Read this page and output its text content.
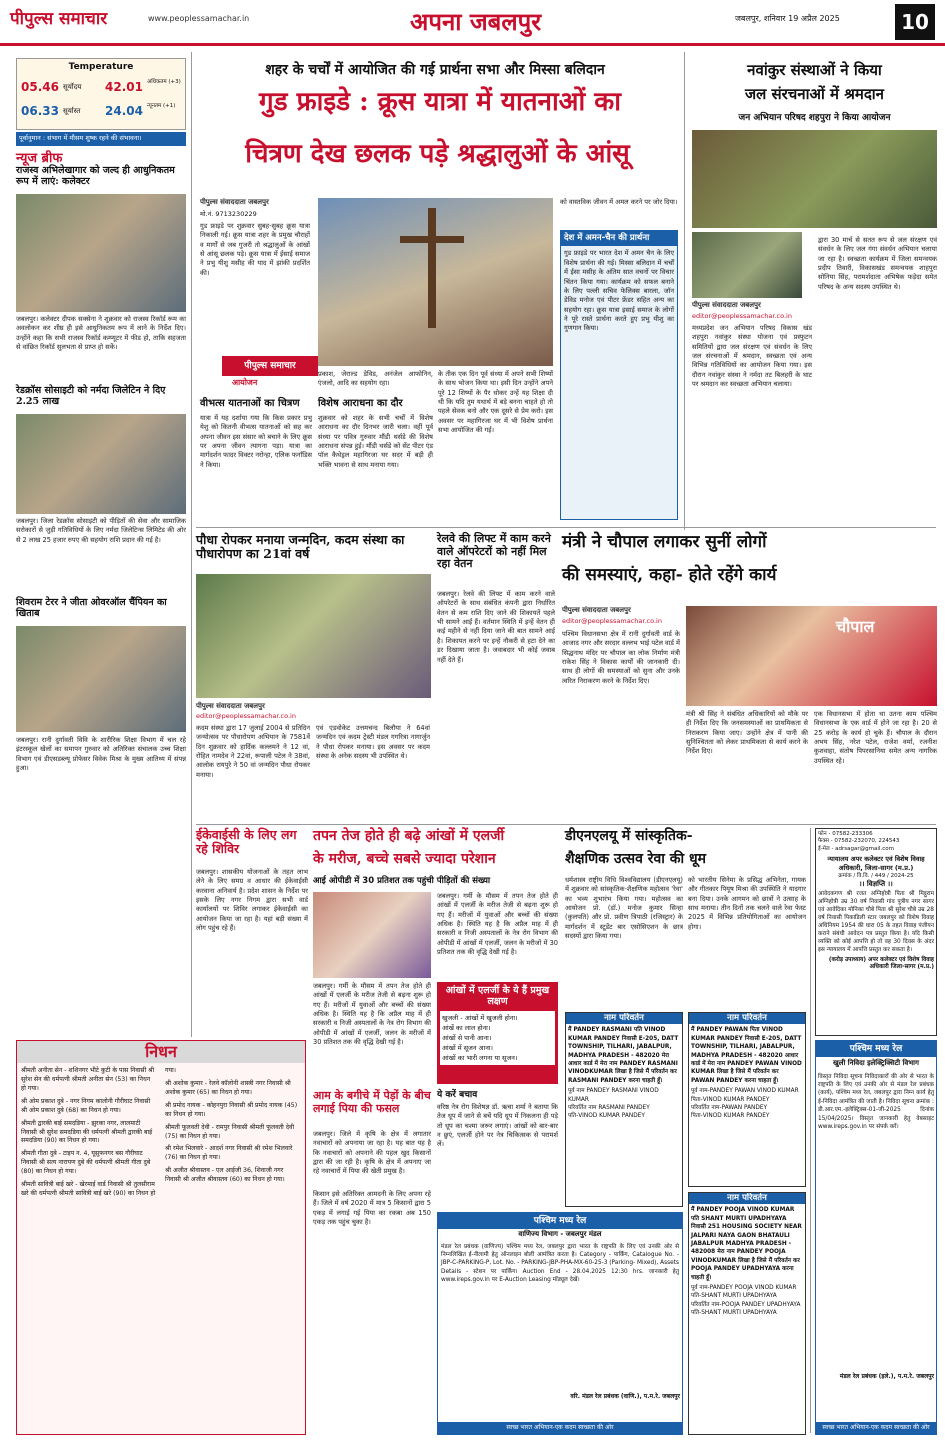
पीपुल्स समाचार	www.peoplessamachar.in	अपना जबलपुर	जबलपुर, शनिवार 19 अप्रैल 2025	10
Temperature
05.46 सूर्योदय 42.01 अधिकतम (+3)
06.33 सूर्यास्त 24.04 न्यूनतम (+1)
पूर्वानुमान : संभाग में मौसम शुष्क रहने की संभावना।
न्यूज ब्रीफ
राजस्व अभिलेखागार को जल्द ही आधुनिकतम रूप में लाएं: कलेक्टर
जबलपुर। कलेक्टर दीपक सक्सेना ने शुक्रवार को राजस्व रिकॉर्ड रूम का अवलोकन कर शीघ्र ही इसे आधुनिकतम रूप में लाने के निर्देश दिए। उन्होंने कहा कि सभी राजस्व रिकॉर्ड कम्प्यूटर में फीड हो, ताकि सहजता से वांछित रिकॉर्ड सुलभता से प्राप्त हो सकें।
रेडक्रॉस सोसाइटी को नर्मदा जिलेटिन ने दिए 2.25 लाख
जबलपुर। जिला रेडक्रॉस सोसाइटी को पीड़ितों की सेवा और सामाजिक सरोकारों से जुड़ी गतिविधियों के लिए नर्मदा जिलेटिन्स लिमिटेड की ओर से 2 लाख 25 हजार रुपए की सहयोग राशि प्रदान की गई है।
शिवराम टेरर ने जीता ओवरऑल चैंपियन का खिताब
जबलपुर। रानी दुर्गावती विवि के शारीरिक शिक्षा विभाग में चल रहे इंटरस्कूल खेलों का समापन गुरुवार को अतिरिक्त संचालक उच्च शिक्षा विभाग एवं डीएसडब्ल्यू प्रोफेसर विवेक मिश्रा के मुख्य आतिथ्य में संपन्न हुआ।
शहर के चर्चों में आयोजित की गई प्रार्थना सभा और मिस्सा बलिदान
गुड फ्राइडे : क्रूस यात्रा में यातनाओं का
चित्रण देख छलक पड़े श्रद्धालुओं के आंसू
पीपुल्स संवाददाता जबलपुर
मो.नं. 9713230229
गुड फ्राइडे पर शुक्रवार सुबह-सुबह क्रूस यात्रा निकाली गई। क्रूस यात्रा शहर के प्रमुख चौराहों व मार्गों से जब गुजरी तो श्रद्धालुओं के आंखों से आंसू छलक पड़े। क्रूस यात्रा में ईसाई समाज ने प्रभु यीशु मसीह की याद में झांकी प्रदर्शित की।
पीपुल्स समाचार
आयोजन
प्रकाश, जेराल्ड डेविड, अनंजेल आफोनिन, एंजलो, आदि का सहयोग रहा।
वीभत्स यातनाओं का चित्रण
यात्रा में यह दर्शाया गया कि किस प्रकार प्रभु येशु को कितनी वीभत्स यातनाओं को सह कर अपना जीवन इस संसार को बचाने के लिए क्रूस पर अपना जीवन त्यागना पड़ा। यात्रा का मार्गदर्शन फादर विक्टर नरोन्हा, एलिक फर्नांडिस ने किया।
विशेष आराधना का दौर
शुक्रवार को शहर के सभी चर्चों में विशेष आराधना का दौर दिनभर जारी चला। वहीं पूर्व संध्या पर पवित्र गुरुवार मौंडी थर्सडे की विशेष आराधना संपन्न हुई। मौंडी थर्सडे को सेंट पीटर एंड पॉल कैथेड्रल महागिरजा घर सदर में बड़ी ही भक्ति भावना से साथ मनाया गया।
के तीक एक दिन पूर्व संध्या में अपने सभी शिष्यों के साथ भोजन किया था। इसी दिन उन्होंने अपने पूरे 12 शिष्यों के पैर धोकर उन्हें यह शिक्षा दी थी कि यदि तुम यथार्थ में बड़े बनना चाहते हो तो पहले सेवक बनो और एक दूसरे से प्रेम करो। इस अवसर पर महागिरजा घर में भी विशेष प्रार्थना सभा आयोजित की गई।
को वास्तविक जीवन में अमल करने पर जोर दिया।
देश में अमन-चैन की प्रार्थना
गुड फ्राइडे पर भारत देश में अमन चैन के लिए विशेष प्रार्थना की गई। मिस्सा बलिदान में चर्चों में ईसा मसीह के अंतिम सात वचनों पर विचार चिंतन किया गया। कार्यक्रम को सफल बनाने के लिए पल्ली सचिव फेलिक्स बारला, जॉन डेविड मनोज एवं पीटर फ्रेंडर सहित अन्य का सहयोग रहा। क्रूस यात्रा इसाई समाज के लोगों ने पूरे रास्ते प्रार्थना करते हुए प्रभु यीशु का गुणगान किया।
नवांकुर संस्थाओं ने किया
जल संरचनाओं में श्रमदान
जन अभियान परिषद शहपुरा ने किया आयोजन
पीपुल्स संवाददाता जबलपुर
editor@peoplessamachar.co.in
मध्यप्रदेश जन अभियान परिषद विकास खंड शहपुरा नवांकुर संस्था योजना एवं प्रस्फुटन समितियों द्वारा जल संरक्षण एवं संवर्धन के लिए जल संरचनाओं में श्रमदान, स्वच्छता एवं अन्य विभिन्न गतिविधियों का आयोजन किया गया। इस दौरान नवांकुर संस्था ने नर्मदा तट बिलहरी के घाट पर श्रमदान कर स्वच्छता अभियान चलाया।
द्वारा 30 मार्च से सतत रूप से जल संरक्षण एवं संवर्धन के लिए जल गंगा संवर्धन अभियान चलाया जा रहा है। स्वच्छता कार्यक्रम में जिला समन्वयक प्रदीप तिवारी, विकासखंड समन्वयक शाहपुरा सोनिया सिंह, परामर्शदाता अभिषेक फड़ेदा समेत परिषद के अन्य सदस्य उपस्थित थे।
पौधा रोपकर मनाया जन्मदिन, कदम संस्था का पौधारोपण का 21वां वर्ष
पीपुल्स संवाददाता जबलपुर
editor@peoplessamachar.co.in
कदम संस्था द्वारा 17 जुलाई 2004 से प्रतिदिन जन्मोत्सव पर पौधारोपण अभियान के 7581वें दिन शुक्रवार को हार्दिक कल्लमने ने 12 वां, रोहित नामदेव ने 22वां, रूपाली पटेल ने 38वां, आलोक रायपुरे ने 50 वां जन्मदिन पौधा रोपकर मनाया।
एवं एडवोकेट उत्तमचन्द बिलौया ने 64वां जन्मदिन एवं कदम ट्रेस्टी मंडल गगरित्रा नागार्जुन ने पौधा रोपकर मनाया। इस अवसर पर कदम संस्था के अनेक सदस्य भी उपस्थित थे।
रेलवे की लिफ्ट में काम करने वाले ऑपरेटरों को नहीं मिल रहा वेतन
जबलपुर। रेलवे की लिफ्ट में काम करने वाले ऑपरेटरों के साथ संबंधित कंपनी द्वारा निर्धारित वेतन से कम राशि दिए जाने की शिकायतें पहले भी सामने आईं हैं। वर्तमान स्थिति में इन्हें वेतन ही कई महीने से नहीं दिया जाने की बात सामने आई है। शिकायत करने पर इन्हें नौकरी से हटा देने का डर दिखाया जाता है। जवाबदार भी कोई जवाब नहीं देते हैं।
मंत्री ने चौपाल लगाकर सुनीं लोगों
की समस्याएं, कहा- होते रहेंगे कार्य
पीपुल्स संवाददाता जबलपुर
editor@peoplessamachar.co.in
पश्चिम विधानसभा क्षेत्र में रानी दुर्गावती वार्ड के आजाद नगर और सरदार वल्लभ भाई पटेल वार्ड में सिद्धनाथ मंदिर पर चौपाल का लोक निर्माण मंत्री राकेश सिंह ने विकास कार्यों की जानकारी दी। साथ ही लोगों की समस्याओं को सुना और उनके त्वरित निराकरण करने के निर्देश दिए।
चौपाल
मंत्री श्री सिंह ने संबंधित अधिकारियों को मौके पर ही निर्देश दिए कि जनसमस्याओं का प्राथमिकता से निराकरण किया जाए। उन्होंने क्षेत्र में पानी की सुनिश्चितता को लेकर प्राथमिकता से कार्य करने के निर्देश दिए।
एक विधानसभा में होता था उतना काम पश्चिम विधानसभा के एक वार्ड में होने जा रहा है। 20 से 25 करोड़ के कार्य हो चुके हैं। चौपाल के दौरान अभय सिंह, नरेश पटेल, राजेश वर्मा, रजनीश कुशवाहा, संतोष पिपरसानिया समेत अन्य नागरिक उपस्थित रहे।
ईकेवाईसी के लिए लग रहे शिविर
जबलपुर। शासकीय योजनाओं के तहत लाभ लेने के लिए समग्र व आधार की ईकेवाईसी करवाना अनिवार्य है। प्रदेश शासन के निर्देश पर इसके लिए नगर निगम द्वारा सभी वार्ड कार्यालयों पर शिविर लगाकर ईकेवाईसी का आयोजन किया जा रहा है। यहां बड़ी संख्या में लोग पहुंच रहे हैं।
तपन तेज होते ही बढ़े आंखों में एलर्जी
के मरीज, बच्चे सबसे ज्यादा परेशान
आई ओपीडी में 30 प्रतिशत तक पहुंची पीड़ितों की संख्या
जबलपुर। गर्मी के मौसम में तपन तेज होते ही आंखों में एलर्जी के मरीज तेजी से बढ़ना शुरू हो गए हैं। मरीजों में युवाओं और बच्चों की संख्या अधिक है। स्थिति यह है कि अप्रैल माह में ही सरकारी व निजी अस्पतालों के नेत्र रोग विभाग की ओपीडी में आंखों में एलर्जी, जलन के मरीजों में 30 प्रतिशत तक की वृद्धि देखी गई है।
आंखों में एलर्जी के ये हैं प्रमुख लक्षण
खुजली - आंखों में खुजली होना।
आंखें का लाल होना।
आंखों से पानी आना।
आंखों में सूजन आना।
आंखों का भारी लगना या सूजन।
जबलपुर। गर्मी के मौसम में तपन तेज होते ही आंखों में एलर्जी के मरीज तेजी से बढ़ना शुरू हो गए हैं। मरीजों में युवाओं और बच्चों की संख्या अधिक है। स्थिति यह है कि अप्रैल माह में ही सरकारी व निजी अस्पतालों के नेत्र रोग विभाग की ओपीडी में आंखों में एलर्जी, जलन के मरीजों में 30 प्रतिशत तक की वृद्धि देखी गई है।
ये करें बचाव
वरिष्ठ नेत्र रोग विशेषज्ञ डॉ. ऋचा शर्मा ने बताया कि तेज धूप में जाने से बचें यदि धूप में निकलना ही पड़े तो धूप का चश्मा जरूर लगाएं। आंखों को बार-बार न छुएं, एलर्जी होने पर नेत्र चिकित्सक से परामर्श लें।
आम के बगीचे में पेड़ों के बीच लगाई पिया की फसल
जबलपुर। जिले में कृषि के क्षेत्र में लगातार नवाचारों को अपनाया जा रहा है। यह बात यह है कि नवाचारों को अपनाने की पहल खुद किसानों द्वारा की जा रही है। कृषि के क्षेत्र में अपनाए जा रहे नवाचारों में पिया की खेती प्रमुख है।
डीएनएलयू में सांस्कृतिक-
शैक्षणिक उत्सव रेवा की धूम
धर्मशास्त्र राष्ट्रीय विधि विश्वविद्यालय (डीएनएलयू) में शुक्रवार को सांस्कृतिक-शैक्षणिक महोत्सव 'रेवा' का भव्य शुभारंभ किया गया। महोत्सव का आयोजन प्रो. (डॉ.) मनोज कुमार सिन्हा (कुलपति) और प्रो. प्रवीण त्रिपाठी (रजिस्ट्रार) के मार्गदर्शन में स्टूडेंट बार एसोसिएशन के छात्र सदस्यों द्वारा किया गया।
को भारतीय सिनेमा के प्रसिद्ध अभिनेता, गायक और गीतकार पियूष मिश्रा की उपस्थिति ने यादगार बना दिया। उनके आगमन को छात्रों ने उत्साह के साथ मनाया। तीन दिनों तक चलने वाले रेवा फेस्ट 2025 में विभिन्न प्रतियोगिताओं का आयोजन होगा।
फोन - 07582-233306
फैक्स - 07582-232070, 224543
ई-मेल - adrsagar@gmail.com
न्यायालय अपर कलेक्टर एवं विशेष विवाह अधिकारी, जिला-सागर (म.प्र.)
क्रमांक / वि.वि. / 449 / 2024-25
।। विज्ञप्ति ।।
आवेदकगण श्री रजत अग्निहोत्री पिता श्री मिट्ठूराम अग्निहोत्री उम्र 30 वर्ष निवासी गांव पुत्रीय नगर सागर एवं आवेदिका मोनिका चौबे पिता श्री सुरेश चौबे उम्र 28 वर्ष निवासी पिकाडिली स्टार जबलपुर को विशेष विवाह अधिनियम 1954 की धारा 05 के तहत विवाह पंजीयन कराने संबंधी आवेदन पत्र प्रस्तुत किया है। यदि किसी व्यक्ति को कोई आपत्ति हो तो वह 30 दिवस के अंदर इस न्यायालय में आपत्ति प्रस्तुत कर सकता है।
(करोड़ उपाध्याय) अपर कलेक्टर एवं विशेष विवाह अधिकारी जिला-सागर (म.प्र.)
पश्चिम मध्य रेल
खुली निविदा इलेक्ट्रिक्सिटी विभाग
विस्तृत निविदा सूचना निविदाकारों की ओर से भारत के राष्ट्रपति के लिए एवं उनकी ओर से मंडल रेल प्रबंधक (कार्य), पश्चिम मध्य रेल, जबलपुर द्वारा निम्न कार्य हेतु ई-निविदा आमंत्रित की जाती है। निविदा सूचना क्रमांक : डी.आर.एम.-इलेक्ट्रिक्स-01-जी-2025 दिनांक 15/04/2025। विस्तृत जानकारी हेतु वेबसाइट www.ireps.gov.in पर संपर्क करें।
मंडल रेल प्रबंधक (इले.), प.म.रे. जबलपुर
स्वच्छ भारत अभियान-एक कदम स्वच्छता की ओर
निधन
श्रीमती अनीता सेन - शशिनगर भीटे कुटी के पास निवासी श्री सुरेश सेन की धर्मपत्नी श्रीमती अनीता सेन (53) का निधन हो गया।
श्री ओम प्रकाश दुबे - नगर निगम कालोनी गौरीघाट निवासी श्री ओम प्रकाश दुबे (68) का निधन हो गया।
श्रीमती द्वारकी बाई समदडिया - झुरका नगर, लालमाटी निवासी श्री सुरेश समदडिया की धर्मपत्नी श्रीमती द्वारकी बाई समदडिया (90) का निधन हो गया।
श्रीमती गीता दुबे - टाइप न. 4, यूसुफनगर बस गौरीघाट निवासी श्री सत्य नारायण दुबे की धर्मपत्नी श्रीमती गीता दुबे (80) का निधन हो गया।
श्रीमती सावित्री बाई खरे - खेरमाई वार्ड निवासी श्री तुलसीराम खरे की धर्मपत्नी श्रीमती सावित्री बाई खरे (90) का निधन हो गया।
श्री अशोक कुमार - रेलवे कॉलोनी शास्त्री नगर निवासी श्री अशोक कुमार (65) का निधन हो गया।
श्री प्रमोद नायक - कोहनपुरा निवासी श्री प्रमोद नायक (45) का निधन हो गया।
श्रीमती फूलवती देवी - रामपुर निवासी श्रीमती फूलवती देवी (75) का निधन हो गया।
श्री रमेश भिलवारे - आदर्श नगर निवासी श्री रमेश भिलवारे (76) का निधन हो गया।
श्री अजीत श्रीवास्तव - एल आईजी 36, शिवाजी नगर निवासी श्री अजीत श्रीवास्तव (60) का निधन हो गया।
नाम परिवर्तन
मैं PANDEY RASMANI पति VINOD KUMAR PANDEY निवासी E-205, DATT TOWNSHIP, TILHARI, JABALPUR, MADHYA PRADESH - 482020 मेरा आधार कार्ड में मेरा नाम PANDEY RASMANI VINODKUMAR लिखा है जिसे मैं परिवर्तन कर RASMANI PANDEY करना चाहती हूँ।
पूर्व नाम PANDEY RASMANI VINOD KUMAR
परिवर्तित नाम RASMANI PANDEY
पति-VINOD KUMAR PANDEY
नाम परिवर्तन
मैं PANDEY PAWAN पिता VINOD KUMAR PANDEY निवासी E-205, DATT TOWNSHIP, TILHARI, JABALPUR, MADHYA PRADESH - 482020 आधार कार्ड में मेरा नाम PANDEY PAWAN VINOD KUMAR लिखा है जिसे मैं परिवर्तन कर PAWAN PANDEY करना चाहता हूँ।
पूर्व नाम-PANDEY PAWAN VINOD KUMAR
पिता-VINOD KUMAR PANDEY
परिवर्तित नाम-PAWAN PANDEY
पिता-VINOD KUMAR PANDEY
नाम परिवर्तन
मैं PANDEY POOJA VINOD KUMAR पति SHANT MURTI UPADHYAYA निवासी 251 HOUSING SOCIETY NEAR JALPARI NAYA GAON BHATAULI JABALPUR MADHYA PRADESH - 482008 मेरा नाम PANDEY POOJA VINODKUMAR लिखा है जिसे मैं परिवर्तन कर POOJA PANDEY UPADHYAYA करना चाहती हूँ।
पूर्व नाम-PANDEY POOJA VINOD KUMAR
पति-SHANT MURTI UPADHYAYA
परिवर्तित नाम-POOJA PANDEY UPADHYAYA
पति-SHANT MURTI UPADHYAYA
पश्चिम मध्य रेल
वाणिज्य विभाग - जबलपुर मंडल
मंडल रेल प्रबंधक (वाणिज्य) पश्चिम मध्य रेल, जबलपुर द्वारा भारत के राष्ट्रपति के लिए एवं उनकी ओर से निम्नलिखित ई-नीलामी हेतु ऑनलाइन बोली आमंत्रित करता है। Category - पार्किंग, Catalogue No. - JBP-C-PARKING-P, Lot. No. - PARKING-JBP-PHA-MX-60-25-3 (Parking- Mixed), Assets Details - स्टेशन पर पार्किंग। Auction End - 28.04.2025 12:30 hrs. जानकारी हेतु www.ireps.gov.in पर E-Auction Leasing मॉड्यूल देखें।
वरि. मंडल रेल प्रबंधक (वाणि.), प.म.रे. जबलपुर
स्वच्छ भारत अभियान-एक कदम स्वच्छता की ओर
किसान इसे अतिरिक्त आमदनी के लिए अपना रहे हैं। जिले में वर्ष 2020 में मात्र 5 किसानों द्वारा 5 एकड़ में लगाई गई पिया का रकबा अब 150 एकड़ तक पहुंच चुका है।
